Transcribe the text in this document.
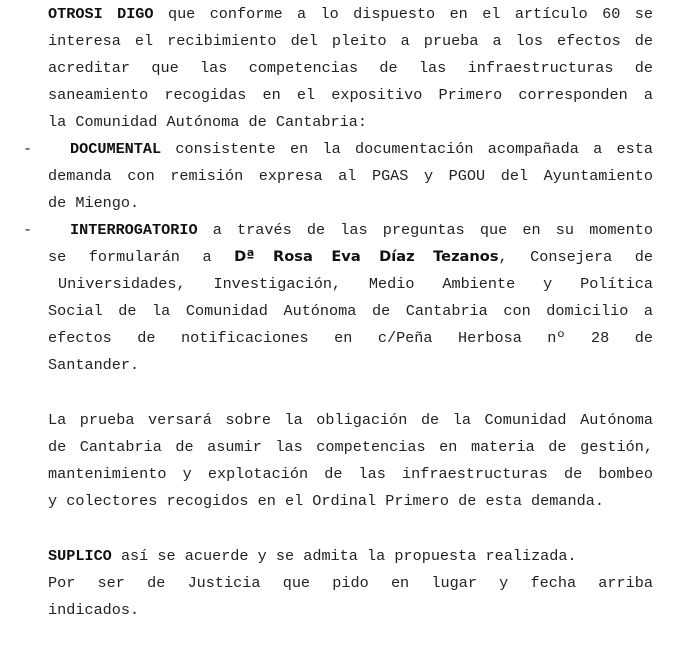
OTROSI DIGO que conforme a lo dispuesto en el artículo 60 se
interesa el recibimiento del pleito a prueba a los efectos de
acreditar que las competencias de las infraestructuras de
saneamiento recogidas en el expositivo Primero corresponden a
la Comunidad Autónoma de Cantabria:
-	DOCUMENTAL consistente en la documentación acompañada a esta
demanda con remisión expresa al PGAS y PGOU del Ayuntamiento
de Miengo.
-	INTERROGATORIO a través de las preguntas que en su momento
se formularán a Dª Rosa Eva Díaz Tezanos, Consejera de
Universidades, Investigación, Medio Ambiente y Política
Social de la Comunidad Autónoma de Cantabria con domicilio a
efectos de notificaciones en c/Peña Herbosa nº 28 de
Santander.
La prueba versará sobre la obligación de la Comunidad Autónoma
de Cantabria de asumir las competencias en materia de gestión,
mantenimiento y explotación de las infraestructuras de bombeo
y colectores recogidos en el Ordinal Primero de esta demanda.
SUPLICO así se acuerde y se admita la propuesta realizada.
Por ser de Justicia que pido en lugar y fecha arriba
indicados.
